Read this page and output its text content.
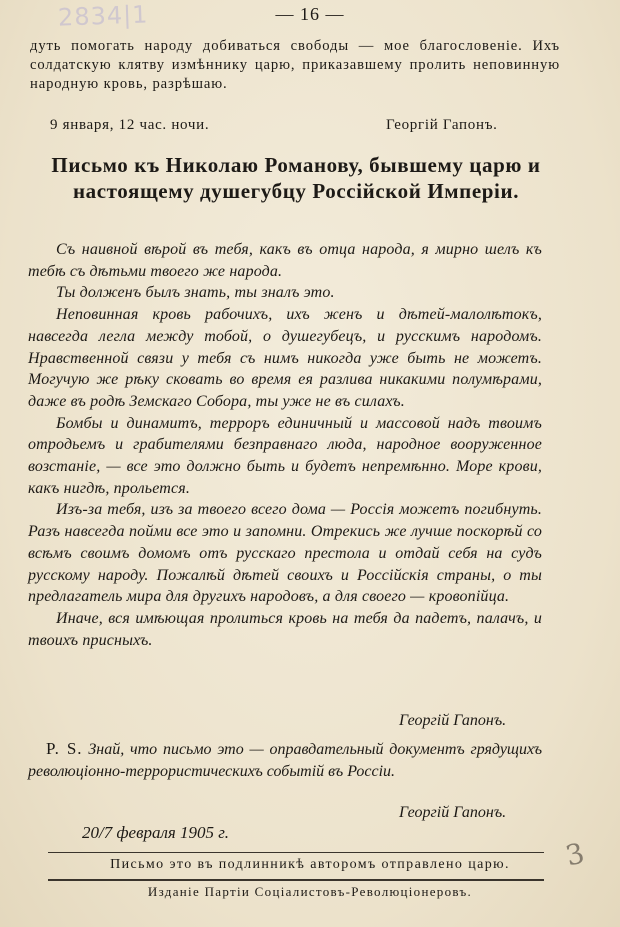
2834|1	— 16 —
дуть помогать народу добиваться свободы — мое благословеніе. Ихъ солдатскую клятву измѣннику царю, приказавшему пролить неповинную народную кровь, разрѣшаю.
9 января, 12 час. ночи.	Георгій Гапонъ.
Письмо къ Николаю Романову, бывшему царю и настоящему душегубцу Россійской Имперіи.

Съ наивной вѣрой въ тебя, какъ въ отца народа, я мирно шелъ къ тебѣ съ дѣтьми твоего же народа.

Ты долженъ былъ знать, ты зналъ это.

Неповинная кровь рабочихъ, ихъ женъ и дѣтей-малолѣтокъ, навсегда легла между тобой, о душегубецъ, и русскимъ народомъ. Нравственной связи у тебя съ нимъ никогда уже быть не можетъ. Могучую же рѣку сковать во время ея разлива никакими полумѣрами, даже въ родѣ Земскаго Собора, ты уже не въ силахъ.

Бомбы и динамитъ, терроръ единичный и массовой надъ твоимъ отродьемъ и грабителями безправнаго люда, народное вооруженное возстаніе, — все это должно быть и будетъ непремѣнно. Море крови, какъ нигдѣ, прольется.

Изъ-за тебя, изъ за твоего всего дома — Россія можетъ погибнуть. Разъ навсегда пойми все это и запомни. Отрекись же лучше поскорѣй со всѣмъ своимъ домомъ отъ русскаго престола и отдай себя на судъ русскому народу. Пожалѣй дѣтей своихъ и Россійскія страны, о ты предлагатель мира для другихъ народовъ, а для своего — кровопійца.

Иначе, вся имѣющая пролиться кровь на тебя да падетъ, палачъ, и твоихъ присныхъ.

Георгій Гапонъ.

P. S. Знай, что письмо это — оправдательный документъ грядущихъ революціонно-террористическихъ событій въ Россіи.

Георгій Гапонъ.
20/7 февраля 1905 г.
Письмо это въ подлинникѣ авторомъ отправлено царю.
Изданіе Партіи Соціалистовъ-Революціонеровъ.
3
